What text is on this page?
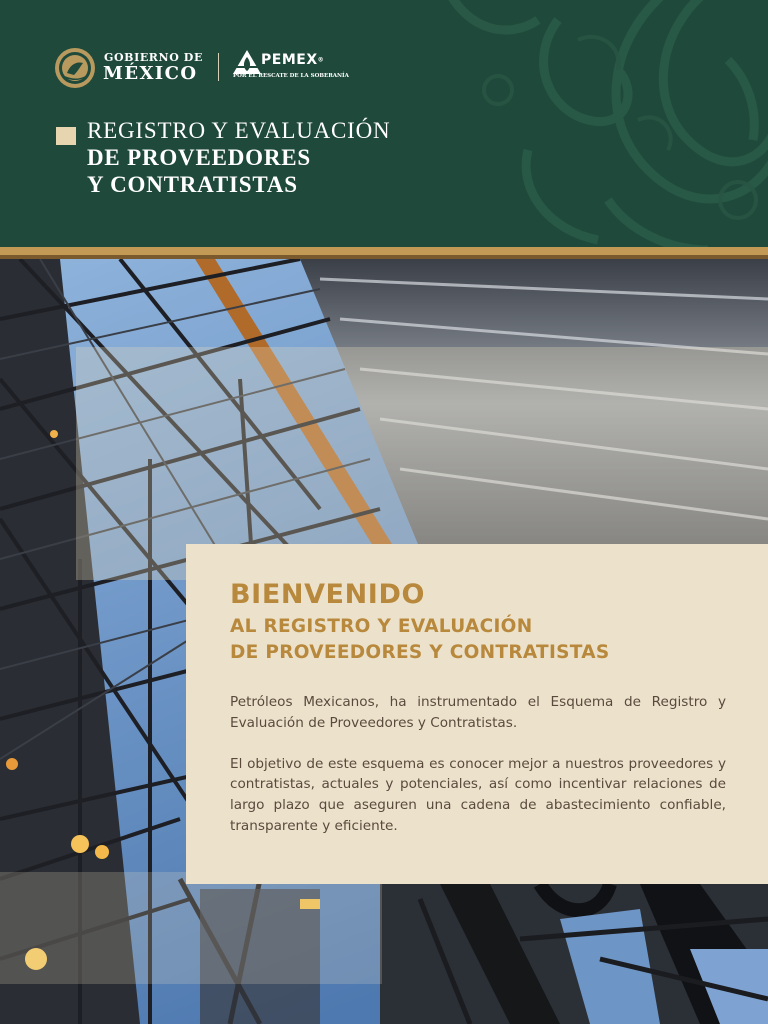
GOBIERNO DE
MÉXICO
PEMEX®
POR EL RESCATE DE LA SOBERANÍA
REGISTRO Y EVALUACIÓN
DE PROVEEDORES
Y CONTRATISTAS
BIENVENIDO
AL REGISTRO Y EVALUACIÓN
DE PROVEEDORES Y CONTRATISTAS

Petróleos Mexicanos, ha instrumentado el Esquema de Registro y Evaluación de Proveedores y Contratistas.

El objetivo de este esquema es conocer mejor a nuestros proveedores y contratistas, actuales y potenciales, así como incentivar relaciones de largo plazo que aseguren una cadena de abastecimiento confiable, transparente y eficiente.
